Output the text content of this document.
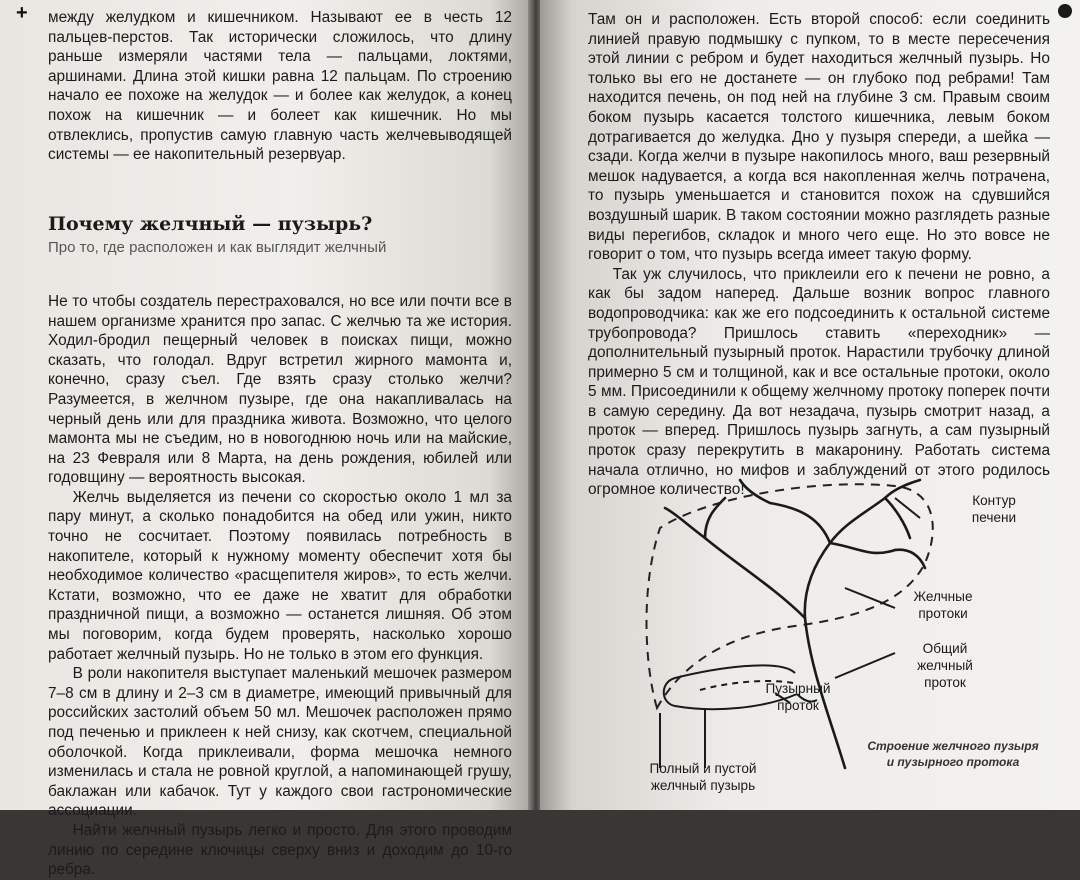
+ между желудком и кишечником. Называют ее в честь 12 пальцев-перстов. Так исторически сложилось, что длину раньше измеряли частями тела — пальцами, локтями, аршинами. Длина этой кишки равна 12 пальцам. По строению начало ее похоже на желудок — и более как желудок, а конец похож на кишечник — и болеет как кишечник. Но мы отвлеклись, пропустив самую главную часть желчевыводящей системы — ее накопительный резервуар.

Почему желчный — пузырь?
Про то, где расположен и как выглядит желчный

Не то чтобы создатель перестраховался, но все или почти все в нашем организме хранится про запас. С желчью та же история. Ходил-бродил пещерный человек в поисках пищи, можно сказать, что голодал. Вдруг встретил жирного мамонта и, конечно, сразу съел. Где взять сразу столько желчи? Разумеется, в желчном пузыре, где она накапливалась на черный день или для праздника живота. Возможно, что целого мамонта мы не съедим, но в новогоднюю ночь или на майские, на 23 Февраля или 8 Марта, на день рождения, юбилей или годовщину — вероятность высокая.

Желчь выделяется из печени со скоростью около 1 мл за пару минут, а сколько понадобится на обед или ужин, никто точно не сосчитает. Поэтому появилась потребность в накопителе, который к нужному моменту обеспечит хотя бы необходимое количество «расщепителя жиров», то есть желчи. Кстати, возможно, что ее даже не хватит для обработки праздничной пищи, а возможно — останется лишняя. Об этом мы поговорим, когда будем проверять, насколько хорошо работает желчный пузырь. Но не только в этом его функция.

В роли накопителя выступает маленький мешочек размером 7–8 см в длину и 2–3 см в диаметре, имеющий привычный для российских застолий объем 50 мл. Мешочек расположен прямо под печенью и приклеен к ней снизу, как скотчем, специальной оболочкой. Когда приклеивали, форма мешочка немного изменилась и стала не ровной круглой, а напоминающей грушу, баклажан или кабачок. Тут у каждого свои гастрономические ассоциации.

Найти желчный пузырь легко и просто. Для этого проводим линию по середине ключицы сверху вниз и доходим до 10-го ребра.

Там он и расположен. Есть второй способ: если соединить линией правую подмышку с пупком, то в месте пересечения этой линии с ребром и будет находиться желчный пузырь. Но только вы его не достанете — он глубоко под ребрами! Там находится печень, он под ней на глубине 3 см. Правым своим боком пузырь касается толстого кишечника, левым боком дотрагивается до желудка. Дно у пузыря спереди, а шейка — сзади. Когда желчи в пузыре накопилось много, ваш резервный мешок надувается, а когда вся накопленная желчь потрачена, то пузырь уменьшается и становится похож на сдувшийся воздушный шарик. В таком состоянии можно разглядеть разные виды перегибов, складок и много чего еще. Но это вовсе не говорит о том, что пузырь всегда имеет такую форму.

Так уж случилось, что приклеили его к печени не ровно, а как бы задом наперед. Дальше возник вопрос главного водопроводчика: как же его подсоединить к остальной системе трубопровода? Пришлось ставить «переходник» — дополнительный пузырный проток. Нарастили трубочку длиной примерно 5 см и толщиной, как и все остальные протоки, около 5 мм. Присоединили к общему желчному протоку поперек почти в самую середину. Да вот незадача, пузырь смотрит назад, а проток — вперед. Пришлось пузырь загнуть, а сам пузырный проток сразу перекрутить в макаронину. Работать система начала отлично, но мифов и заблуждений от этого родилось огромное количество!

Контур печени
Желчные протоки
Общий желчный проток
Пузырный проток
Полный и пустой желчный пузырь
Строение желчного пузыря и пузырного протока
